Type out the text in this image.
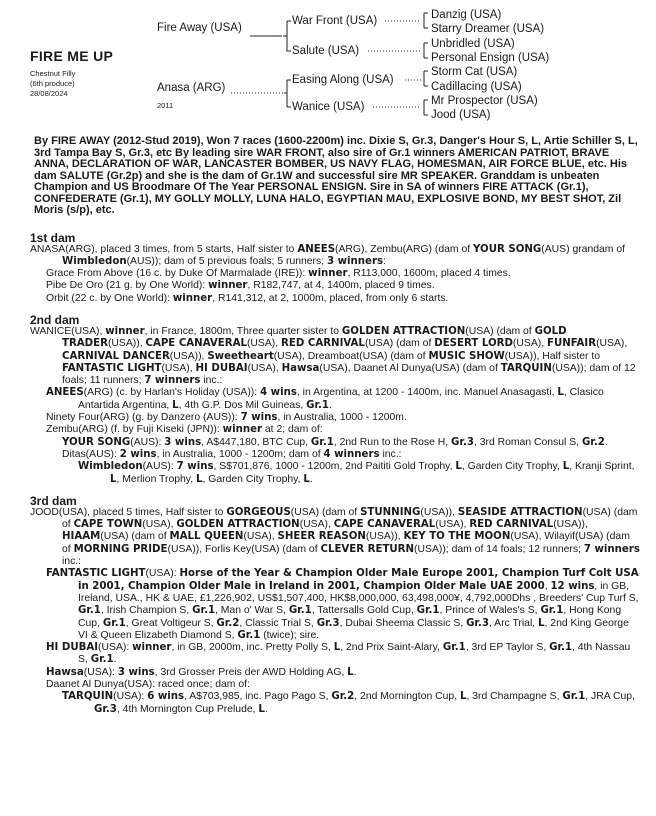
FIRE ME UP
Chestnut Filly
(6th produce)
28/08/2024
Fire Away (USA)
Anasa (ARG)
2011
War Front (USA)
Salute (USA)
Easing Along (USA)
Wanice (USA)
Danzig (USA)
Starry Dreamer (USA)
Unbridled (USA)
Personal Ensign (USA)
Storm Cat (USA)
Cadillacing (USA)
Mr Prospector (USA)
Jood (USA)
By FIRE AWAY (2012-Stud 2019), Won 7 races (1600-2200m) inc. Dixie S, Gr.3, Danger's Hour S, L, Artie Schiller S, L, 3rd Tampa Bay S, Gr.3, etc By leading sire WAR FRONT, also sire of Gr.1 winners AMERICAN PATRIOT, BRAVE ANNA, DECLARATION OF WAR, LANCASTER BOMBER, US NAVY FLAG, HOMESMAN, AIR FORCE BLUE, etc. His dam SALUTE (Gr.2p) and she is the dam of Gr.1W and successful sire MR SPEAKER. Granddam is unbeaten Champion and US Broodmare Of The Year PERSONAL ENSIGN. Sire in SA of winners FIRE ATTACK (Gr.1), CONFEDERATE (Gr.1), MY GOLLY MOLLY, LUNA HALO, EGYPTIAN MAU, EXPLOSIVE BOND, MY BEST SHOT, Zil Moris (s/p), etc.
1st dam
ANASA(ARG), placed 3 times, from 5 starts, Half sister to ANEES(ARG), Zembu(ARG) (dam of YOUR SONG(AUS) grandam of Wimbledon(AUS)); dam of 5 previous foals; 5 runners; 3 winners:
Grace From Above (16 c. by Duke Of Marmalade (IRE)): winner, R113,000, 1600m, placed 4 times.
Pibe De Oro (21 g. by One World): winner, R182,747, at 4, 1400m, placed 9 times.
Orbit (22 c. by One World): winner, R141,312, at 2, 1000m, placed, from only 6 starts.
2nd dam
WANICE(USA), winner, in France, 1800m, Three quarter sister to GOLDEN ATTRACTION(USA) (dam of GOLD TRADER(USA)), CAPE CANAVERAL(USA), RED CARNIVAL(USA) (dam of DESERT LORD(USA), FUNFAIR(USA), CARNIVAL DANCER(USA)), Sweetheart(USA), Dreamboat(USA) (dam of MUSIC SHOW(USA)), Half sister to FANTASTIC LIGHT(USA), HI DUBAI(USA), Hawsa(USA), Daanet Al Dunya(USA) (dam of TARQUIN(USA)); dam of 12 foals; 11 runners; 7 winners inc.:
ANEES(ARG) (c. by Harlan's Holiday (USA)): 4 wins, in Argentina, at 1200 - 1400m, inc. Manuel Anasagasti, L, Clasico Antartida Argentina, L, 4th G.P. Dos Mil Guineas, Gr.1.
Ninety Four(ARG) (g. by Danzero (AUS)): 7 wins, in Australia, 1000 - 1200m.
Zembu(ARG) (f. by Fuji Kiseki (JPN)): winner at 2; dam of:
YOUR SONG(AUS): 3 wins, A$447,180, BTC Cup, Gr.1, 2nd Run to the Rose H, Gr.3, 3rd Roman Consul S, Gr.2.
Ditas(AUS): 2 wins, in Australia, 1000 - 1200m; dam of 4 winners inc.:
Wimbledon(AUS): 7 wins, S$701,876, 1000 - 1200m, 2nd Paititi Gold Trophy, L, Garden City Trophy, L, Kranji Sprint, L, Merlion Trophy, L, Garden City Trophy, L.
3rd dam
JOOD(USA), placed 5 times, Half sister to GORGEOUS(USA) (dam of STUNNING(USA)), SEASIDE ATTRACTION(USA) (dam of CAPE TOWN(USA), GOLDEN ATTRACTION(USA), CAPE CANAVERAL(USA), RED CARNIVAL(USA)), HIAAM(USA) (dam of MALL QUEEN(USA), SHEER REASON(USA)), KEY TO THE MOON(USA), Wilayif(USA) (dam of MORNING PRIDE(USA)), Forlis Key(USA) (dam of CLEVER RETURN(USA)); dam of 14 foals; 12 runners; 7 winners inc.:
FANTASTIC LIGHT(USA): Horse of the Year & Champion Older Male Europe 2001, Champion Turf Colt USA in 2001, Champion Older Male in Ireland in 2001, Champion Older Male UAE 2000, 12 wins, in GB, Ireland, USA., HK & UAE, £1,226,902, US$1,507,400, HK$8,000,000, 63,498,000¥, 4,792,000Dhs , Breeders' Cup Turf S, Gr.1, Irish Champion S, Gr.1, Man o' War S, Gr.1, Tattersalls Gold Cup, Gr.1, Prince of Wales's S, Gr.1, Hong Kong Cup, Gr.1, Great Voltigeur S, Gr.2, Classic Trial S, Gr.3, Dubai Sheema Classic S, Gr.3, Arc Trial, L, 2nd King George VI & Queen Elizabeth Diamond S, Gr.1 (twice); sire.
HI DUBAI(USA): winner, in GB, 2000m, inc. Pretty Polly S, L, 2nd Prix Saint-Alary, Gr.1, 3rd EP Taylor S, Gr.1, 4th Nassau S, Gr.1.
Hawsa(USA): 3 wins, 3rd Grosser Preis der AWD Holding AG, L.
Daanet Al Dunya(USA): raced once; dam of:
TARQUIN(USA): 6 wins, A$703,985, inc. Pago Pago S, Gr.2, 2nd Mornington Cup, L, 3rd Champagne S, Gr.1, JRA Cup, Gr.3, 4th Mornington Cup Prelude, L.
